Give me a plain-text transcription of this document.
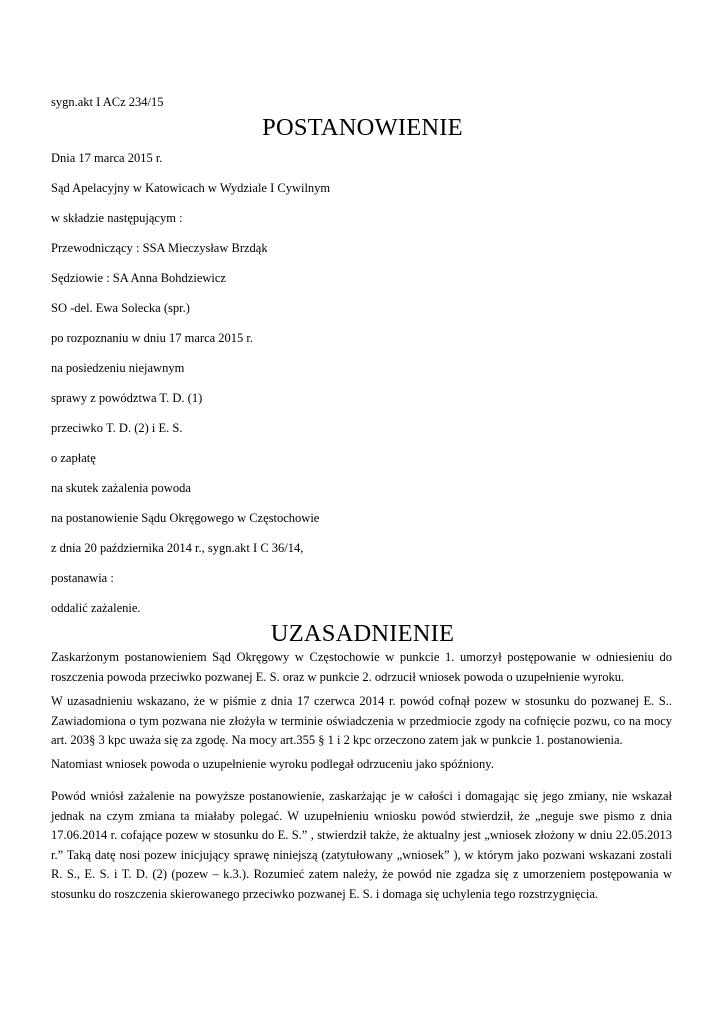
sygn.akt I ACz 234/15
POSTANOWIENIE
Dnia 17 marca 2015 r.
Sąd Apelacyjny w Katowicach w Wydziale I Cywilnym
w składzie następującym :
Przewodniczący : SSA Mieczysław Brzdąk
Sędziowie : SA Anna Bohdziewicz
SO -del. Ewa Solecka (spr.)
po rozpoznaniu w dniu 17 marca 2015 r.
na posiedzeniu niejawnym
sprawy z powództwa T. D. (1)
przeciwko T. D. (2) i E. S.
o zapłatę
na skutek zażalenia powoda
na postanowienie Sądu Okręgowego w Częstochowie
z dnia 20 października 2014 r., sygn.akt I C 36/14,
postanawia :
oddalić zażalenie.
UZASADNIENIE

Zaskarżonym postanowieniem Sąd Okręgowy w Częstochowie w punkcie 1. umorzył postępowanie w odniesieniu do roszczenia powoda przeciwko pozwanej E. S. oraz w punkcie 2. odrzucił wniosek powoda o uzupełnienie wyroku.

W uzasadnieniu wskazano, że w piśmie z dnia 17 czerwca 2014 r. powód cofnął pozew w stosunku do pozwanej E. S.. Zawiadomiona o tym pozwana nie złożyła w terminie oświadczenia w przedmiocie zgody na cofnięcie pozwu, co na mocy art. 203§ 3 kpc uważa się za zgodę. Na mocy art.355 § 1 i 2 kpc orzeczono zatem jak w punkcie 1. postanowienia.

Natomiast wniosek powoda o uzupełnienie wyroku podlegał odrzuceniu jako spóźniony.

Powód wniósł zażalenie na powyższe postanowienie, zaskarżając je w całości i domagając się jego zmiany, nie wskazał jednak na czym zmiana ta miałaby polegać. W uzupełnieniu wniosku powód stwierdził, że „neguje swe pismo z dnia 17.06.2014 r. cofające pozew w stosunku do E. S.” , stwierdził także, że aktualny jest „wniosek złożony w dniu 22.05.2013 r.” Taką datę nosi pozew inicjujący sprawę niniejszą (zatytułowany „wniosek” ), w którym jako pozwani wskazani zostali R. S., E. S. i T. D. (2) (pozew – k.3.). Rozumieć zatem należy, że powód nie zgadza się z umorzeniem postępowania w stosunku do roszczenia skierowanego przeciwko pozwanej E. S. i domaga się uchylenia tego rozstrzygnięcia.
